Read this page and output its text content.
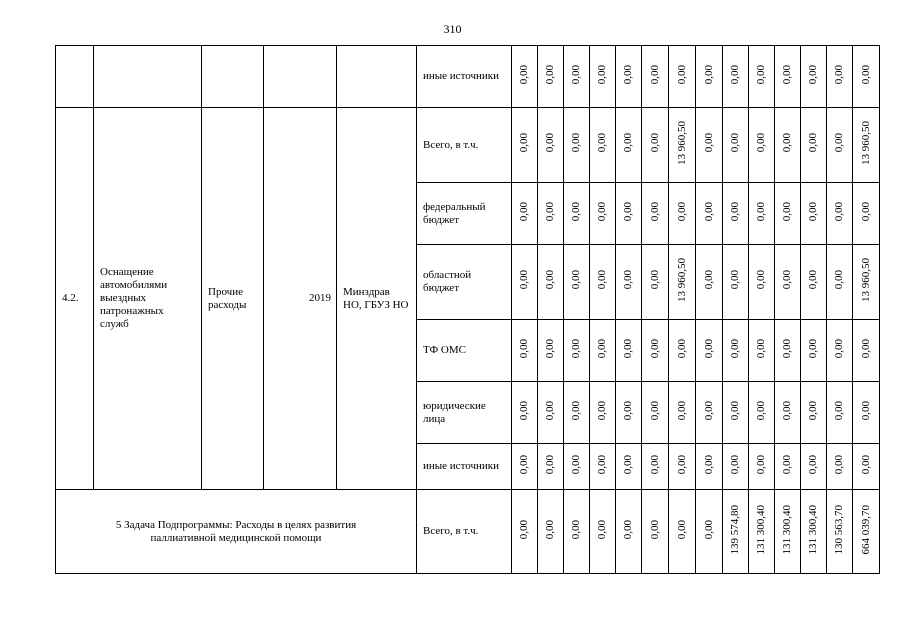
310
					иные источники	0,00	0,00	0,00	0,00	0,00	0,00	0,00	0,00	0,00	0,00	0,00	0,00	0,00	0,00
4.2.	Оснащение автомобилями выездных патронажных служб	Прочие расходы	2019	Минздрав НО, ГБУЗ НО	Всего, в т.ч.	0,00	0,00	0,00	0,00	0,00	0,00	13 960,50	0,00	0,00	0,00	0,00	0,00	0,00	13 960,50
					федеральный бюджет	0,00	0,00	0,00	0,00	0,00	0,00	0,00	0,00	0,00	0,00	0,00	0,00	0,00	0,00
					областной бюджет	0,00	0,00	0,00	0,00	0,00	0,00	13 960,50	0,00	0,00	0,00	0,00	0,00	0,00	13 960,50
					ТФ ОМС	0,00	0,00	0,00	0,00	0,00	0,00	0,00	0,00	0,00	0,00	0,00	0,00	0,00	0,00
					юридические лица	0,00	0,00	0,00	0,00	0,00	0,00	0,00	0,00	0,00	0,00	0,00	0,00	0,00	0,00
					иные источники	0,00	0,00	0,00	0,00	0,00	0,00	0,00	0,00	0,00	0,00	0,00	0,00	0,00	0,00
5 Задача Подпрограммы: Расходы в целях развития паллиативной медицинской помощи					Всего, в т.ч.	0,00	0,00	0,00	0,00	0,00	0,00	0,00	0,00	139 574,80	131 300,40	131 300,40	131 300,40	130 563,70	664 039,70
